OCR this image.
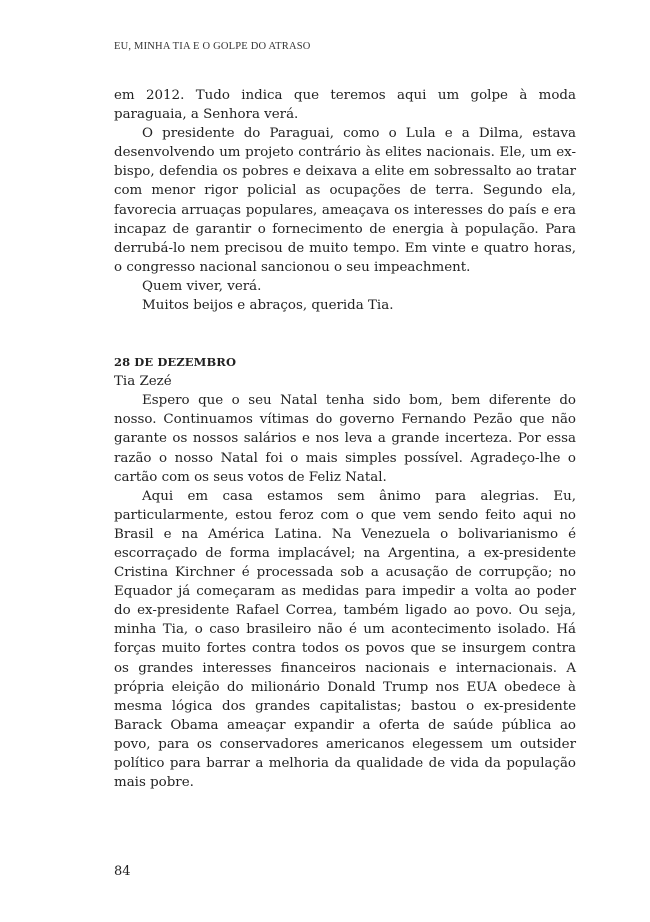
EU, MINHA TIA E O GOLPE DO ATRASO

em 2012. Tudo indica que teremos aqui um golpe à moda paraguaia, a Senhora verá.

O presidente do Paraguai, como o Lula e a Dilma, estava desenvolvendo um projeto contrário às elites nacionais. Ele, um ex-bispo, defendia os pobres e deixava a elite em sobressalto ao tratar com menor rigor policial as ocupações de terra. Segundo ela, favorecia arruaças populares, ameaçava os interesses do país e era incapaz de garantir o fornecimento de energia à população. Para derrubá-lo nem precisou de muito tempo. Em vinte e quatro horas, o congresso nacional sancionou o seu impeachment.

Quem viver, verá.

Muitos beijos e abraços, querida Tia.

28 DE DEZEMBRO

Tia Zezé

Espero que o seu Natal tenha sido bom, bem diferente do nosso. Continuamos vítimas do governo Fernando Pezão que não garante os nossos salários e nos leva a grande incerteza. Por essa razão o nosso Natal foi o mais simples possível. Agradeço-lhe o cartão com os seus votos de Feliz Natal.

Aqui em casa estamos sem ânimo para alegrias. Eu, particularmente, estou feroz com o que vem sendo feito aqui no Brasil e na América Latina. Na Venezuela o bolivarianismo é escorraçado de forma implacável; na Argentina, a ex-presidente Cristina Kirchner é processada sob a acusação de corrupção; no Equador já começaram as medidas para impedir a volta ao poder do ex-presidente Rafael Correa, também ligado ao povo. Ou seja, minha Tia, o caso brasileiro não é um acontecimento isolado. Há forças muito fortes contra todos os povos que se insurgem contra os grandes interesses financeiros nacionais e internacionais. A própria eleição do milionário Donald Trump nos EUA obedece à mesma lógica dos grandes capitalistas; bastou o ex-presidente Barack Obama ameaçar expandir a oferta de saúde pública ao povo, para os conservadores americanos elegessem um outsider político para barrar a melhoria da qualidade de vida da população mais pobre.

84
